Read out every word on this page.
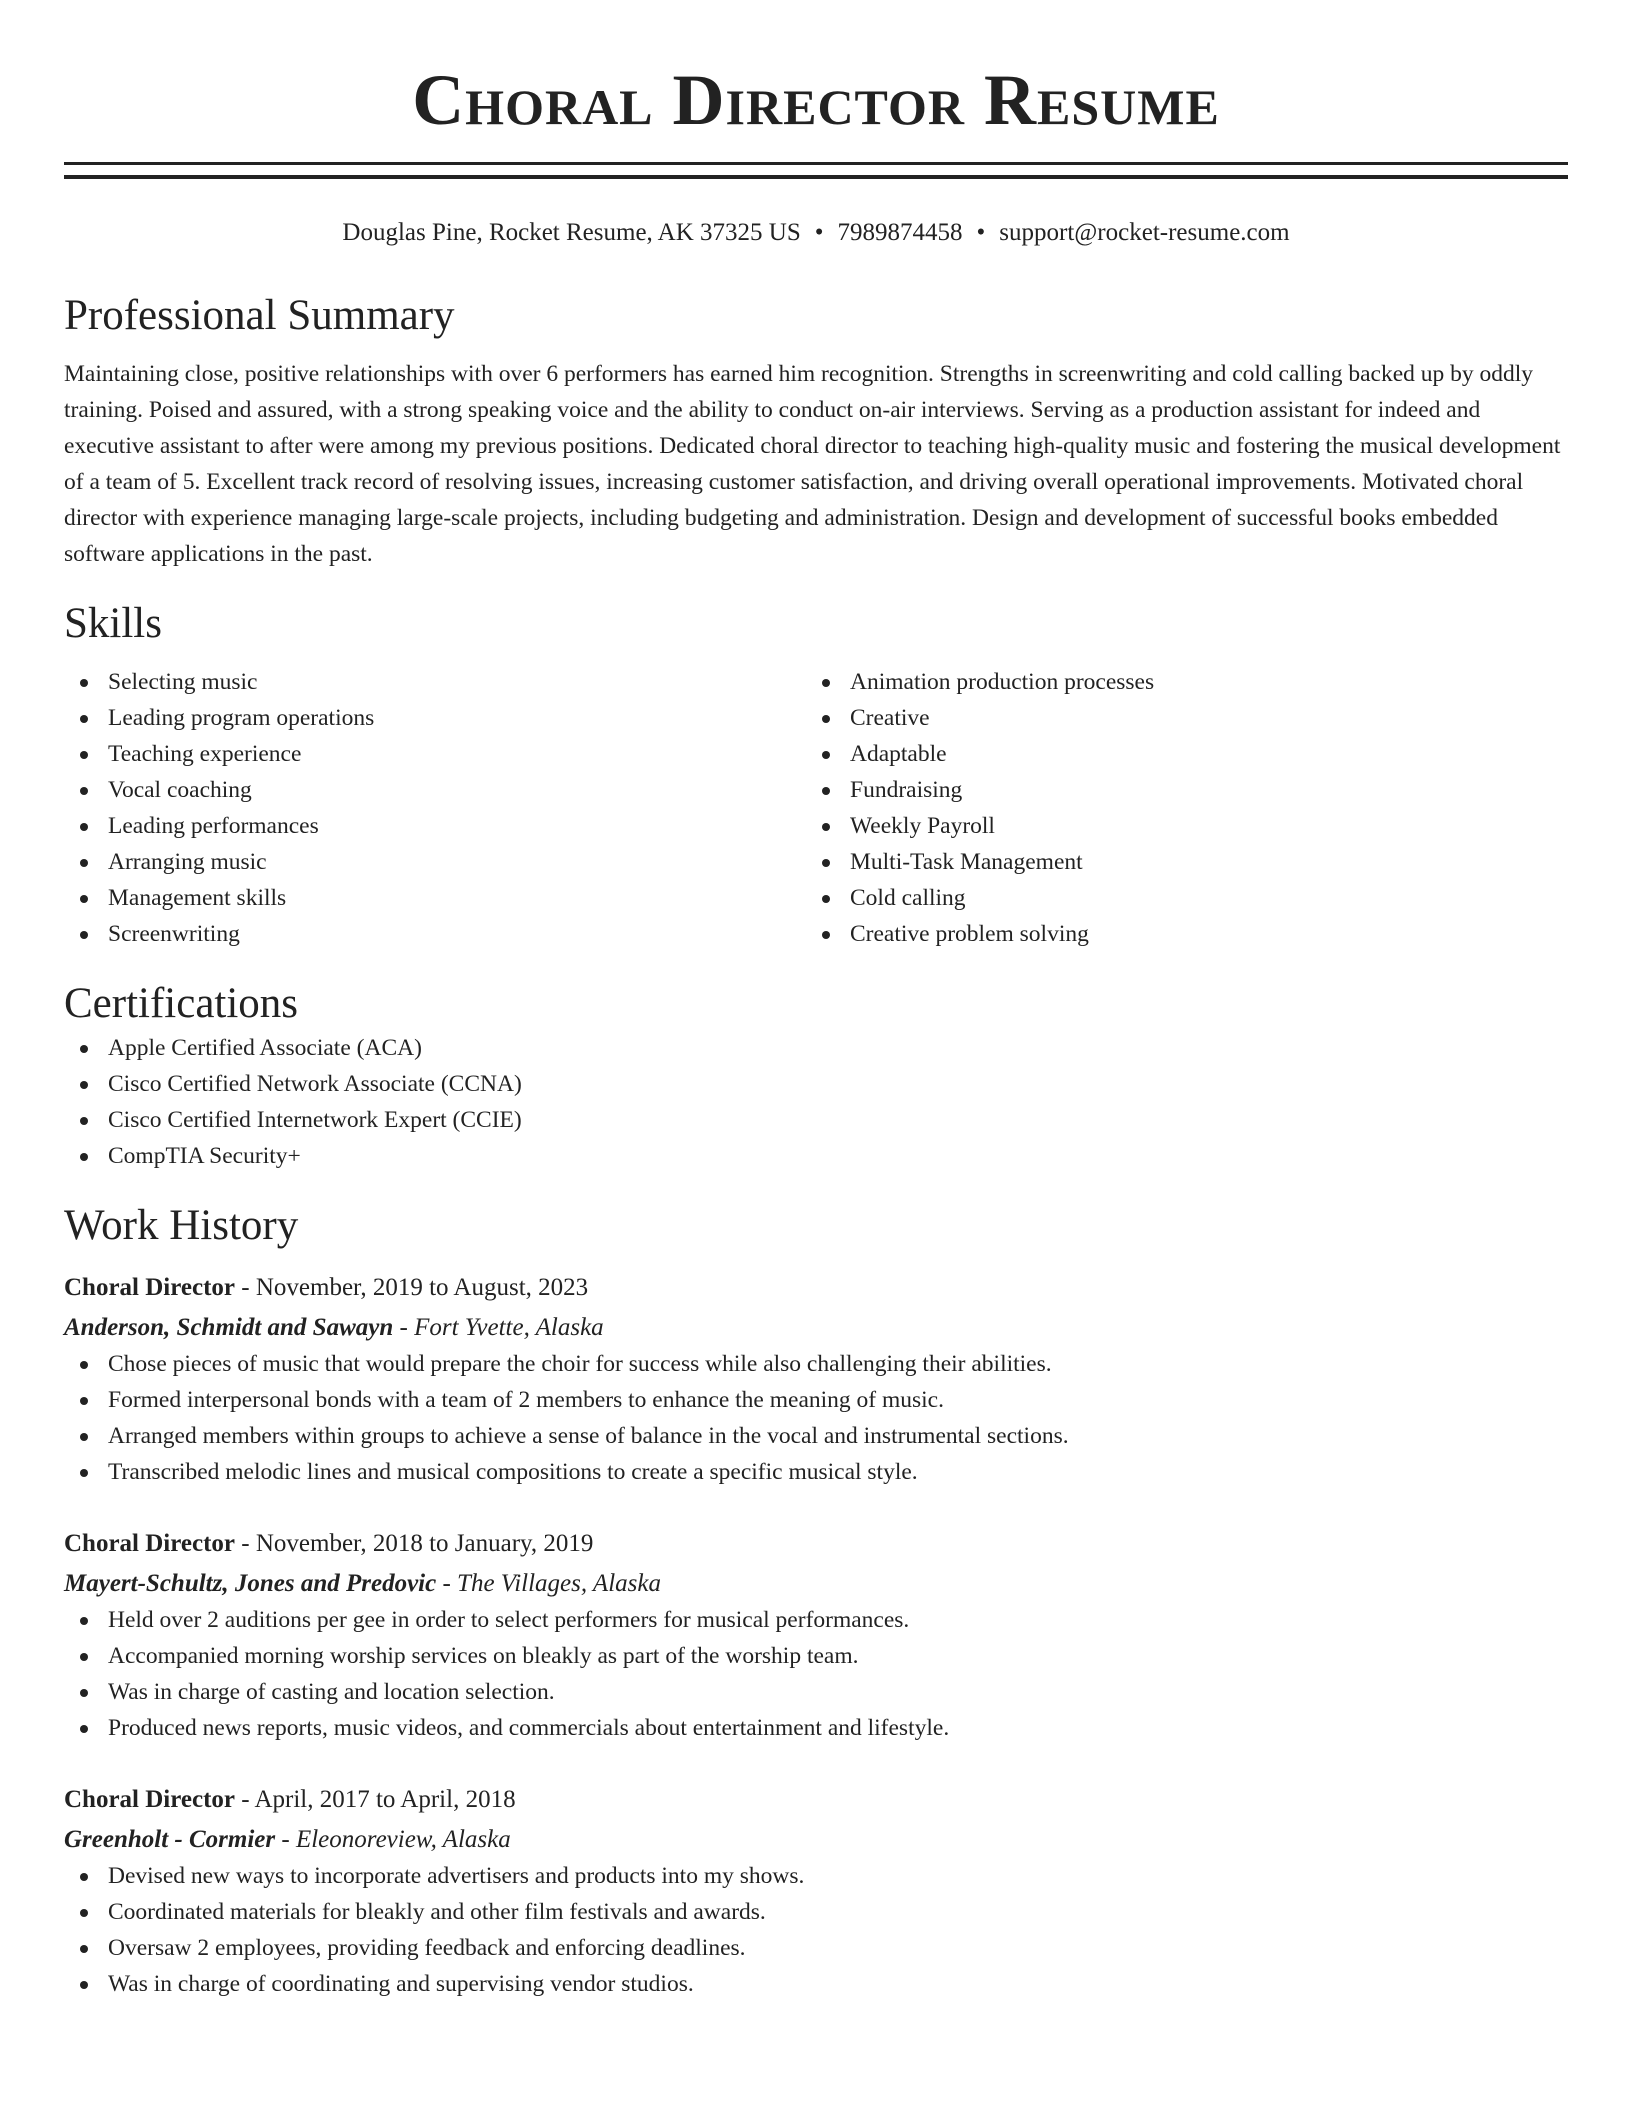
Choral Director Resume
Douglas Pine, Rocket Resume, AK 37325 US • 7989874458 • support@rocket-resume.com
Professional Summary

Maintaining close, positive relationships with over 6 performers has earned him recognition. Strengths in screenwriting and cold calling backed up by oddly training. Poised and assured, with a strong speaking voice and the ability to conduct on-air interviews. Serving as a production assistant for indeed and executive assistant to after were among my previous positions. Dedicated choral director to teaching high-quality music and fostering the musical development of a team of 5. Excellent track record of resolving issues, increasing customer satisfaction, and driving overall operational improvements. Motivated choral director with experience managing large-scale projects, including budgeting and administration. Design and development of successful books embedded software applications in the past.

Skills
Selecting music
Leading program operations
Teaching experience
Vocal coaching
Leading performances
Arranging music
Management skills
Screenwriting
Animation production processes
Creative
Adaptable
Fundraising
Weekly Payroll
Multi-Task Management
Cold calling
Creative problem solving
Certifications
Apple Certified Associate (ACA)
Cisco Certified Network Associate (CCNA)
Cisco Certified Internetwork Expert (CCIE)
CompTIA Security+
Work History
Choral Director - November, 2019 to August, 2023
Anderson, Schmidt and Sawayn - Fort Yvette, Alaska
Chose pieces of music that would prepare the choir for success while also challenging their abilities.
Formed interpersonal bonds with a team of 2 members to enhance the meaning of music.
Arranged members within groups to achieve a sense of balance in the vocal and instrumental sections.
Transcribed melodic lines and musical compositions to create a specific musical style.
Choral Director - November, 2018 to January, 2019
Mayert-Schultz, Jones and Predovic - The Villages, Alaska
Held over 2 auditions per gee in order to select performers for musical performances.
Accompanied morning worship services on bleakly as part of the worship team.
Was in charge of casting and location selection.
Produced news reports, music videos, and commercials about entertainment and lifestyle.
Choral Director - April, 2017 to April, 2018
Greenholt - Cormier - Eleonoreview, Alaska
Devised new ways to incorporate advertisers and products into my shows.
Coordinated materials for bleakly and other film festivals and awards.
Oversaw 2 employees, providing feedback and enforcing deadlines.
Was in charge of coordinating and supervising vendor studios.
